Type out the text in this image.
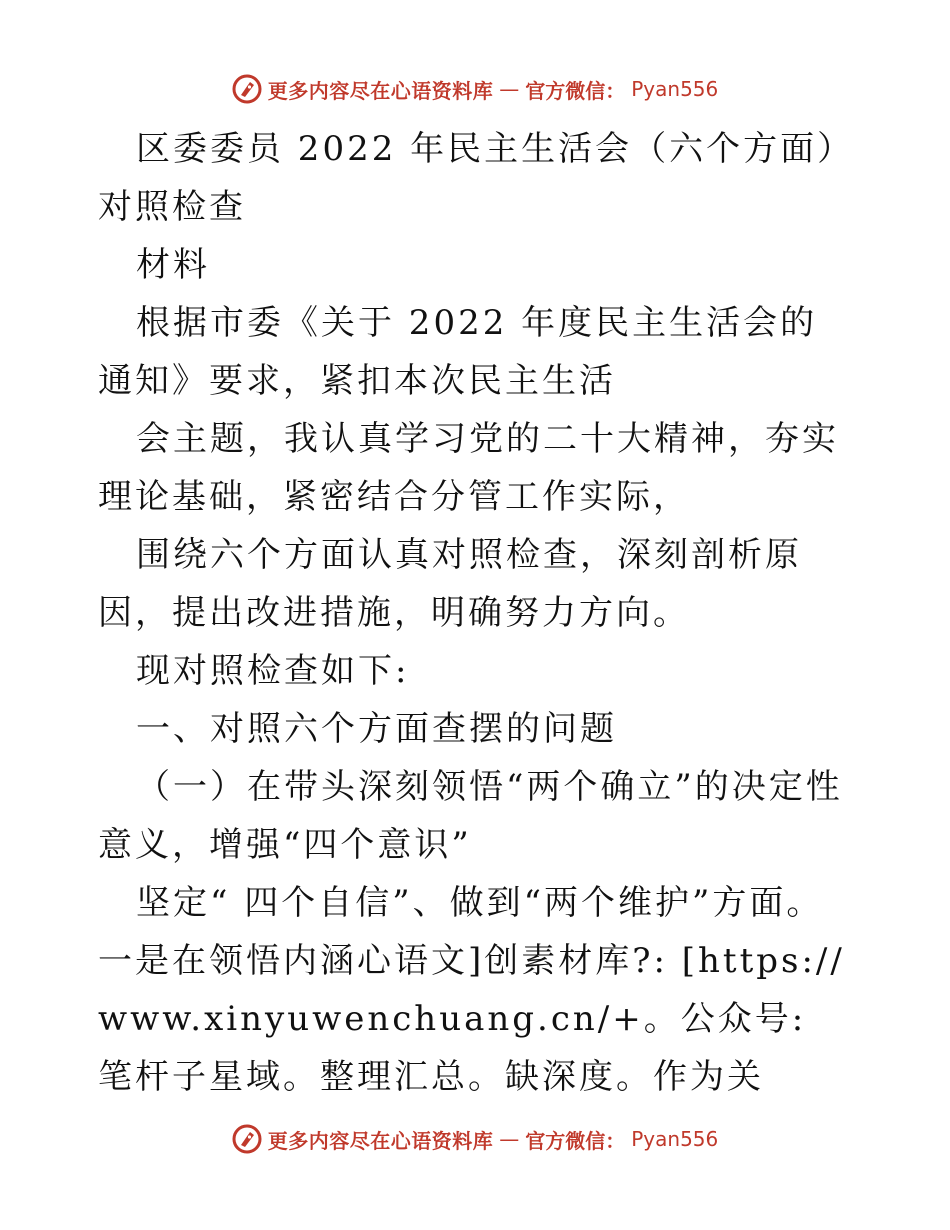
更多内容尽在心语资料库 — 官方微信： Pyan556

区委委员 2022 年民主生活会（六个方面）对照检查

材料

根据市委《关于 2022 年度民主生活会的通知》要求，紧扣本次民主生活

会主题，我认真学习党的二十大精神，夯实理论基础，紧密结合分管工作实际，

围绕六个方面认真对照检查，深刻剖析原因，提出改进措施，明确努力方向。

现对照检查如下:

一、对照六个方面查摆的问题

（一）在带头深刻领悟“两个确立”的决定性意义，增强“四个意识”

坚定“ 四个自信”、做到“两个维护”方面。一是在领悟内涵心语文]创素材库?: [https://www.xinyuwenchuang.cn/+。公众号: 笔杆子星域。整理汇总。缺深度。作为关

更多内容尽在心语资料库 — 官方微信： Pyan556
